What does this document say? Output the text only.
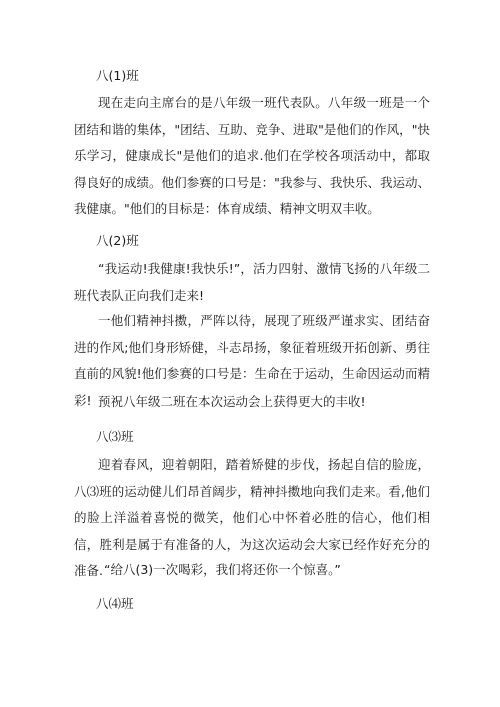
八(1)班
现在走向主席台的是八年级一班代表队。八年级一班是一个团结和谐的集体，"团结、互助、竞争、进取"是他们的作风，"快乐学习，健康成长"是他们的追求.他们在学校各项活动中，都取得良好的成绩。他们参赛的口号是："我参与、我快乐、我运动、我健康。"他们的目标是：体育成绩、精神文明双丰收。
八(2)班
“我运动!我健康!我快乐!”，活力四射、激情飞扬的八年级二班代表队正向我们走来!
一他们精神抖擞，严阵以待，展现了班级严谨求实、团结奋进的作风;他们身形矫健，斗志昂扬，象征着班级开拓创新、勇往直前的风貌!他们参赛的口号是：生命在于运动，生命因运动而精彩! 预祝八年级二班在本次运动会上获得更大的丰收!
八⑶班
迎着春风，迎着朝阳，踏着矫健的步伐，扬起自信的脸庞，八⑶班的运动健儿们昂首阔步，精神抖擞地向我们走来。看,他们的脸上洋溢着喜悦的微笑，他们心中怀着必胜的信心，他们相信，胜利是属于有准备的人，为这次运动会大家已经作好充分的准备. “给八(3)一次喝彩，我们将还你一个惊喜。”
八⑷班
